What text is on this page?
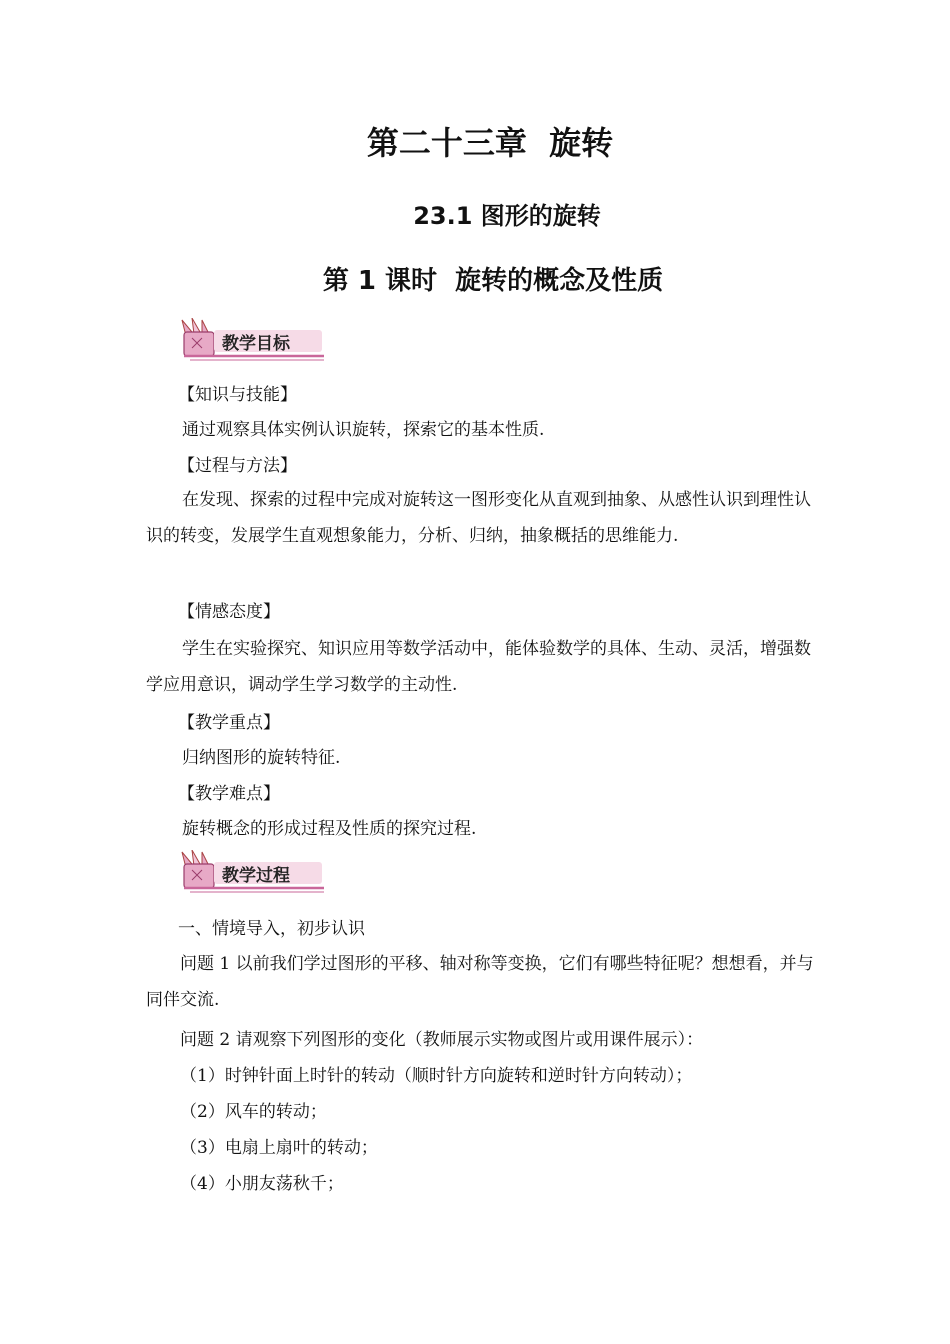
第二十三章  旋转
23.1 图形的旋转
第 1 课时  旋转的概念及性质
教学目标
【知识与技能】
通过观察具体实例认识旋转，探索它的基本性质.
【过程与方法】

在发现、探索的过程中完成对旋转这一图形变化从直观到抽象、从感性认识到理性认识的转变，发展学生直观想象能力，分析、归纳，抽象概括的思维能力.

【情感态度】

学生在实验探究、知识应用等数学活动中，能体验数学的具体、生动、灵活，增强数学应用意识，调动学生学习数学的主动性.

【教学重点】
归纳图形的旋转特征.
【教学难点】
旋转概念的形成过程及性质的探究过程.
教学过程
一、情境导入，初步认识

问题 1 以前我们学过图形的平移、轴对称等变换，它们有哪些特征呢？想想看，并与同伴交流.

问题 2 请观察下列图形的变化（教师展示实物或图片或用课件展示）：
（1）时钟针面上时针的转动（顺时针方向旋转和逆时针方向转动）；
（2）风车的转动；
（3）电扇上扇叶的转动；
（4）小朋友荡秋千；
